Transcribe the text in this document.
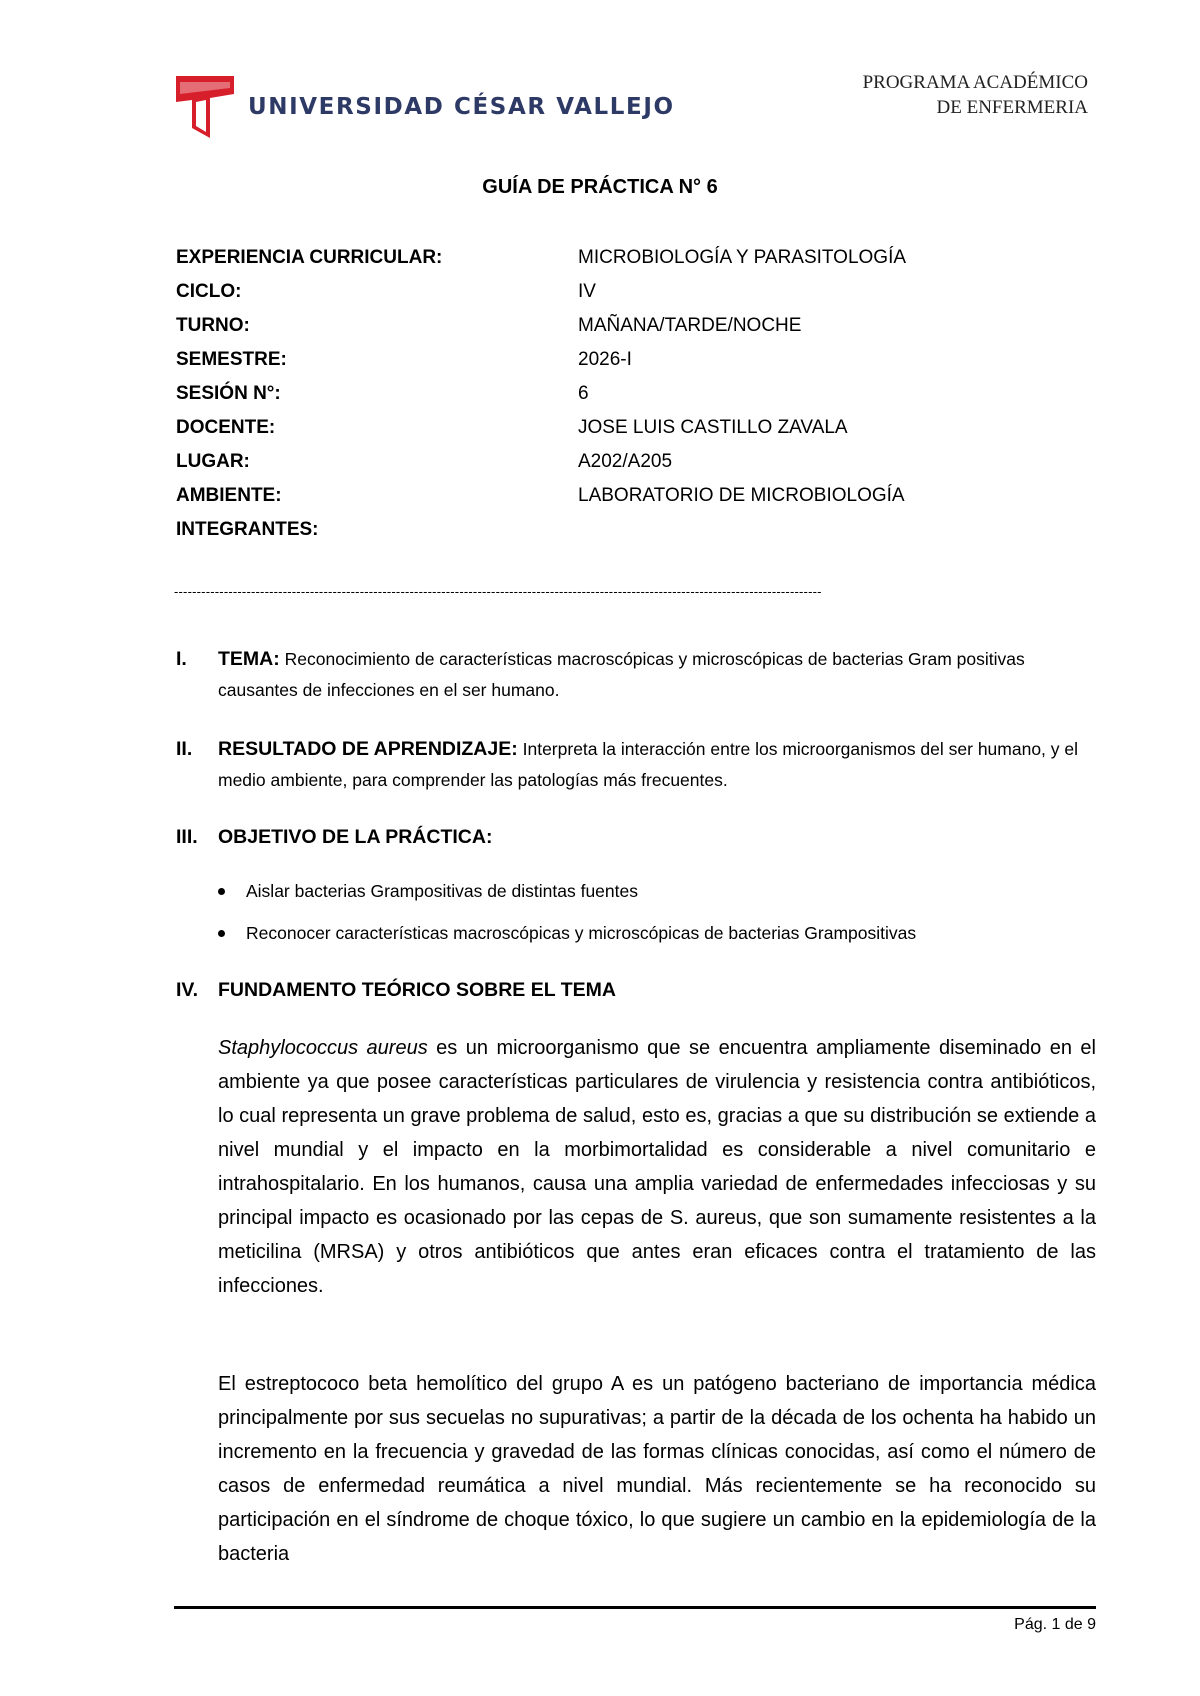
UNIVERSIDAD CÉSAR VALLEJO
PROGRAMA ACADÉMICO
DE ENFERMERIA
GUÍA DE PRÁCTICA N° 6
EXPERIENCIA CURRICULAR:	MICROBIOLOGÍA Y PARASITOLOGÍA
CICLO:	IV
TURNO:	MAÑANA/TARDE/NOCHE
SEMESTRE:	2026-I
SESIÓN N°:	6
DOCENTE:	JOSE LUIS CASTILLO ZAVALA
LUGAR:	A202/A205
AMBIENTE:	LABORATORIO DE MICROBIOLOGÍA
INTEGRANTES:
-----------------------------------------------------------------------------------------------------------------------------------------------
I. TEMA: Reconocimiento de características macroscópicas y microscópicas de bacterias Gram positivas causantes de infecciones en el ser humano.
II. RESULTADO DE APRENDIZAJE: Interpreta la interacción entre los microorganismos del ser humano, y el medio ambiente, para comprender las patologías más frecuentes.
III. OBJETIVO DE LA PRÁCTICA:
Aislar bacterias Grampositivas de distintas fuentes
Reconocer características macroscópicas y microscópicas de bacterias Grampositivas
IV. FUNDAMENTO TEÓRICO SOBRE EL TEMA
Staphylococcus aureus es un microorganismo que se encuentra ampliamente diseminado en el ambiente ya que posee características particulares de virulencia y resistencia contra antibióticos, lo cual representa un grave problema de salud, esto es, gracias a que su distribución se extiende a nivel mundial y el impacto en la morbimortalidad es considerable a nivel comunitario e intrahospitalario. En los humanos, causa una amplia variedad de enfermedades infecciosas y su principal impacto es ocasionado por las cepas de S. aureus, que son sumamente resistentes a la meticilina (MRSA) y otros antibióticos que antes eran eficaces contra el tratamiento de las infecciones.
El estreptococo beta hemolítico del grupo A es un patógeno bacteriano de importancia médica principalmente por sus secuelas no supurativas; a partir de la década de los ochenta ha habido un incremento en la frecuencia y gravedad de las formas clínicas conocidas, así como el número de casos de enfermedad reumática a nivel mundial. Más recientemente se ha reconocido su participación en el síndrome de choque tóxico, lo que sugiere un cambio en la epidemiología de la bacteria
Pág. 1 de 9
